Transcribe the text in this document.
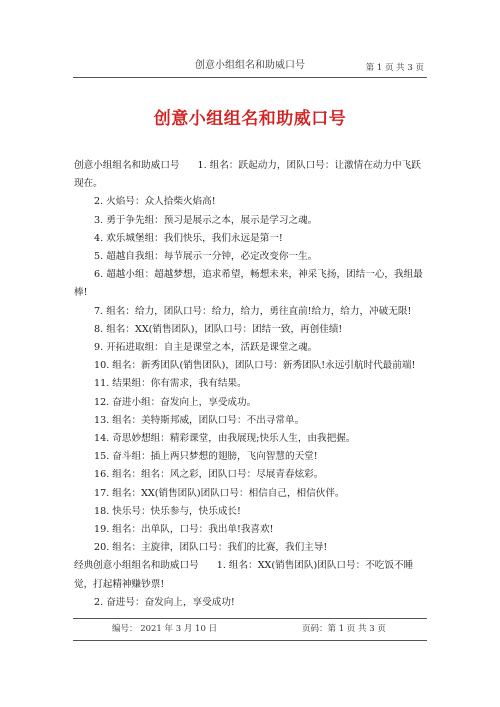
创意小组组名和助威口号	第 1 页 共 3 页
创意小组组名和助威口号

创意小组组名和助威口号 1. 组名：跃起动力，团队口号：让激情在动力中飞跃现在。

2. 火焰号：众人拾柴火焰高!

3. 勇于争先组：预习是展示之本，展示是学习之魂。

4. 欢乐城堡组：我们快乐，我们永远是第一!

5. 超越自我组：每节展示一分钟，必定改变你一生。

6. 超越小组：超越梦想，追求希望，畅想未来，神采飞扬，团结一心，我组最棒!

7. 组名：给力，团队口号：给力，给力，勇往直前!给力，给力，冲破无限!

8. 组名：XX(销售团队)，团队口号：团结一致，再创佳绩!

9. 开拓进取组：自主是课堂之本，活跃是课堂之魂。

10. 组名：新秀团队(销售团队)，团队口号：新秀团队!永远引航时代最前端!

11. 结果组：你有需求，我有结果。

12. 奋进小组：奋发向上，享受成功。

13. 组名：美特斯邦威，团队口号：不出寻常单。

14. 奇思妙想组：精彩课堂，由我展现;快乐人生，由我把握。

15. 奋斗组：插上两只梦想的翅膀，飞向智慧的天堂!

16. 组名：组名：风之彩，团队口号：尽展青春炫彩。

17. 组名：XX(销售团队)团队口号：相信自己，相信伙伴。

18. 快乐号：快乐参与，快乐成长!

19. 组名：出单队，口号：我出单!我喜欢!

20. 组名：主旋律，团队口号：我们的比赛，我们主导!

经典创意小组组名和助威口号 1. 组名：XX(销售团队)团队口号：不吃饭不睡觉，打起精神赚钞票!

2. 奋进号：奋发向上，享受成功!

编号： 2021 年 3 月 10 日	页码：第 1 页 共 3 页
